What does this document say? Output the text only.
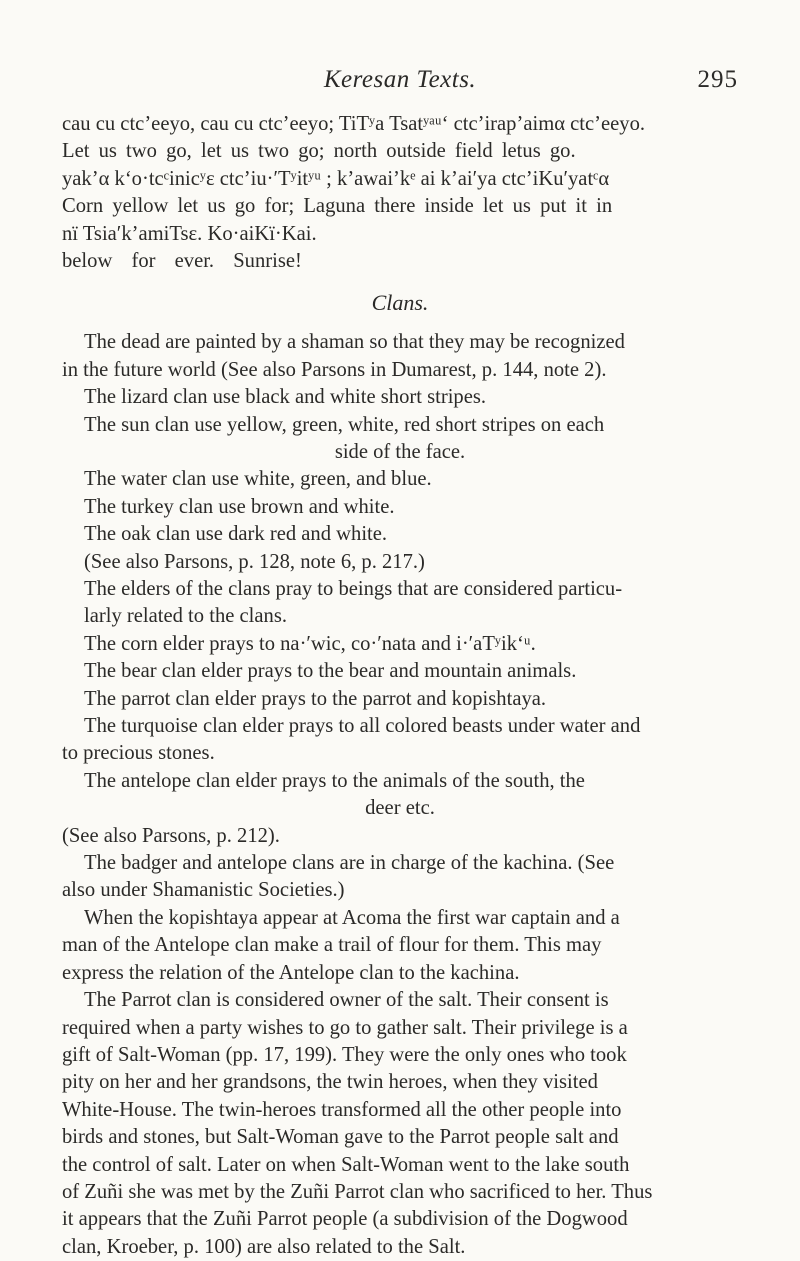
Keresan Texts.	295
cau cu ctc’eeyo, cau cu ctc’eeyo; TiTʸa Tsatʸᵃᵘ‘ ctc’irap’aimα ctc’eeyo.
Let us two go, let us two go; north outside field letus go.
yak’α k‘o·tcᶜinicʸɛ ctc’iu·′Tʸitʸᵘ ; k’awai’kᵉ ai k’ai′ya ctc’iKu′yatᶜα
Corn yellow let us go for; Laguna there inside let us put it in
nï Tsia′k’amiTsɛ. Ko·aiKï·Kai.
below for ever. Sunrise!
Clans.
The dead are painted by a shaman so that they may be recognized
in the future world (See also Parsons in Dumarest, p. 144, note 2).
The lizard clan use black and white short stripes.
The sun clan use yellow, green, white, red short stripes on each
side of the face.
The water clan use white, green, and blue.
The turkey clan use brown and white.
The oak clan use dark red and white.
(See also Parsons, p. 128, note 6, p. 217.)
The elders of the clans pray to beings that are considered particu-
larly related to the clans.
The corn elder prays to na·′wic, co·′nata and i·′aTʸik‘ᵘ.
The bear clan elder prays to the bear and mountain animals.
The parrot clan elder prays to the parrot and kopishtaya.
The turquoise clan elder prays to all colored beasts under water and
to precious stones.
The antelope clan elder prays to the animals of the south, the
deer etc.
(See also Parsons, p. 212).
The badger and antelope clans are in charge of the kachina. (See
also under Shamanistic Societies.)
When the kopishtaya appear at Acoma the first war captain and a
man of the Antelope clan make a trail of flour for them. This may
express the relation of the Antelope clan to the kachina.
The Parrot clan is considered owner of the salt. Their consent is
required when a party wishes to go to gather salt. Their privilege is a
gift of Salt-Woman (pp. 17, 199). They were the only ones who took
pity on her and her grandsons, the twin heroes, when they visited
White-House. The twin-heroes transformed all the other people into
birds and stones, but Salt-Woman gave to the Parrot people salt and
the control of salt. Later on when Salt-Woman went to the lake south
of Zuñi she was met by the Zuñi Parrot clan who sacrificed to her. Thus
it appears that the Zuñi Parrot people (a subdivision of the Dogwood
clan, Kroeber, p. 100) are also related to the Salt.
